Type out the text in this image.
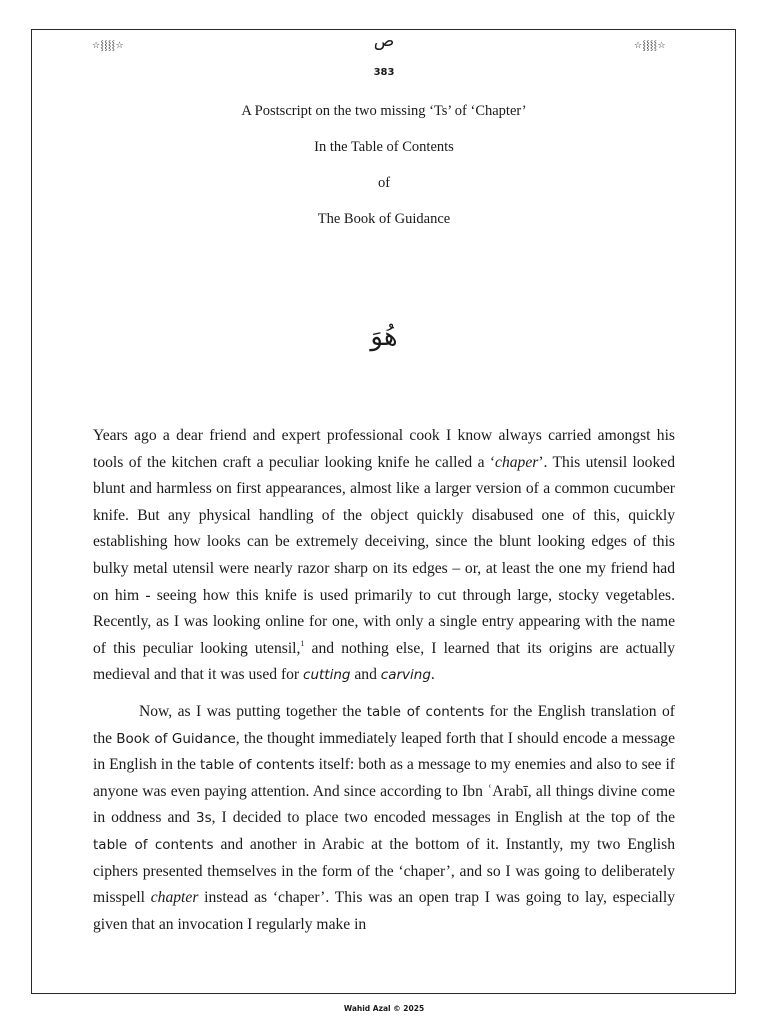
☆⸾⸾⸾⸾☆	ص	☆⸾⸾⸾⸾☆
383
A Postscript on the two missing ‘Ts’ of ‘Chapter’
In the Table of Contents
of
The Book of Guidance
هُوَ

Years ago a dear friend and expert professional cook I know always carried amongst his tools of the kitchen craft a peculiar looking knife he called a ‘chaper’. This utensil looked blunt and harmless on first appearances, almost like a larger version of a common cucumber knife. But any physical handling of the object quickly disabused one of this, quickly establishing how looks can be extremely deceiving, since the blunt looking edges of this bulky metal utensil were nearly razor sharp on its edges – or, at least the one my friend had on him - seeing how this knife is used primarily to cut through large, stocky vegetables. Recently, as I was looking online for one, with only a single entry appearing with the name of this peculiar looking utensil,$^1$ and nothing else, I learned that its origins are actually medieval and that it was used for cutting and carving.

Now, as I was putting together the table of contents for the English translation of the Book of Guidance, the thought immediately leaped forth that I should encode a message in English in the table of contents itself: both as a message to my enemies and also to see if anyone was even paying attention. And since according to Ibn ʿArabī, all things divine come in oddness and 3s, I decided to place two encoded messages in English at the top of the table of contents and another in Arabic at the bottom of it. Instantly, my two English ciphers presented themselves in the form of the ‘chaper’, and so I was going to deliberately misspell chapter instead as ‘chaper’. This was an open trap I was going to lay, especially given that an invocation I regularly make in

Wahid Azal © 2025
